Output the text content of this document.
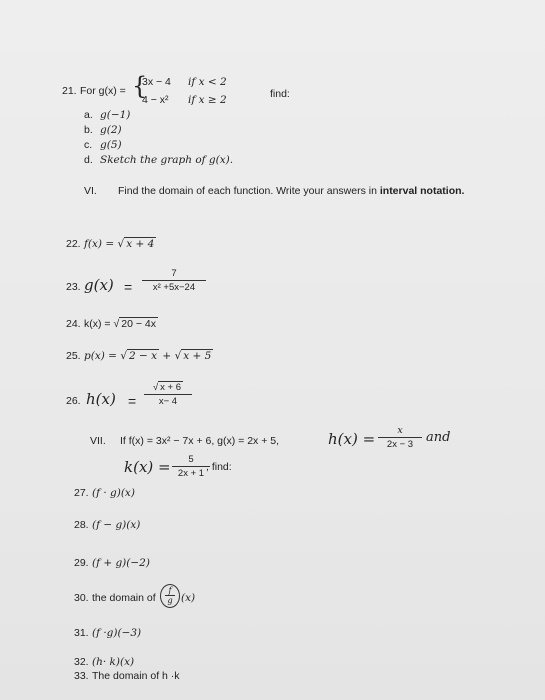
21. For g(x) = {
3x − 4 if x < 2
4 − x² if x ≥ 2	find:
a. g(−1)
b. g(2)
c. g(5)
d. Sketch the graph of g(x).
VI. Find the domain of each function. Write your answers in interval notation.
22. f(x) = √ x + 4
23. g(x) =
7
x² +5x−24
24. k(x) = √ 20 − 4x
25. p(x) = √ 2 − x + √ x + 5
26. h(x) =
√ x + 6
x− 4
VII. If f(x) = 3x² − 7x + 6, g(x) = 2x + 5,	h(x) =	x
2x − 3 and
k(x) =	5
2x + 1
, find:
27. (f · g)(x)
28. (f − g)(x)
29. (f + g)(−2)
30. the domain of
f
g (x)
31. (f ·g)(−3)
32. (h· k)(x)
33. The domain of h ·k
